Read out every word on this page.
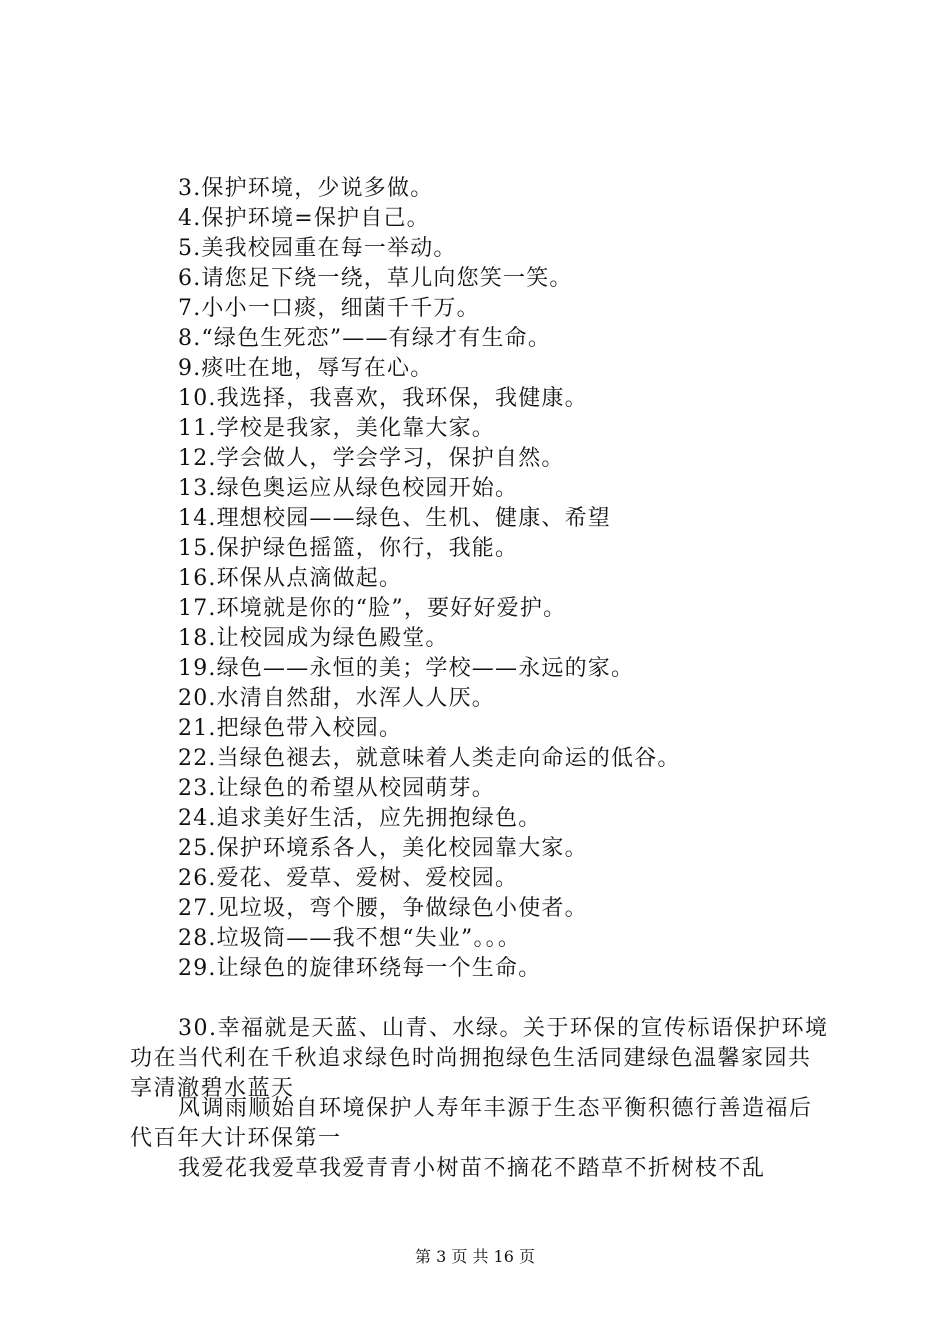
3.保护环境，少说多做。
4.保护环境=保护自己。
5.美我校园重在每一举动。
6.请您足下绕一绕，草儿向您笑一笑。
7.小小一口痰，细菌千千万。
8.“绿色生死恋”——有绿才有生命。
9.痰吐在地，辱写在心。
10.我选择，我喜欢，我环保，我健康。
11.学校是我家，美化靠大家。
12.学会做人，学会学习，保护自然。
13.绿色奥运应从绿色校园开始。
14.理想校园——绿色、生机、健康、希望
15.保护绿色摇篮，你行，我能。
16.环保从点滴做起。
17.环境就是你的“脸”，要好好爱护。
18.让校园成为绿色殿堂。
19.绿色——永恒的美；学校——永远的家。
20.水清自然甜，水浑人人厌。
21.把绿色带入校园。
22.当绿色褪去，就意味着人类走向命运的低谷。
23.让绿色的希望从校园萌芽。
24.追求美好生活，应先拥抱绿色。
25.保护环境系各人，美化校园靠大家。
26.爱花、爱草、爱树、爱校园。
27.见垃圾，弯个腰，争做绿色小使者。
28.垃圾筒——我不想“失业”。。。
29.让绿色的旋律环绕每一个生命。

30.幸福就是天蓝、山青、水绿。关于环保的宣传标语保护环境功在当代利在千秋追求绿色时尚拥抱绿色生活同建绿色温馨家园共享清澈碧水蓝天

风调雨顺始自环境保护人寿年丰源于生态平衡积德行善造福后代百年大计环保第一

我爱花我爱草我爱青青小树苗不摘花不踏草不折树枝不乱

第 3 页 共 16 页
